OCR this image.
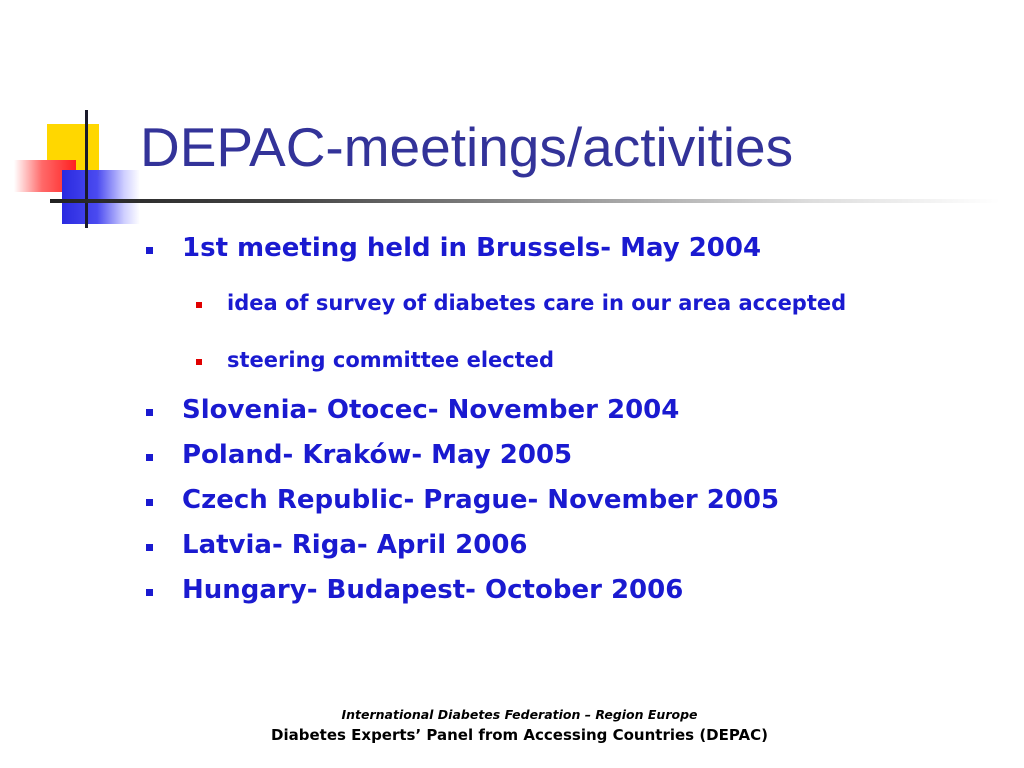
DEPAC-meetings/activities
1st meeting held in Brussels- May 2004
idea of survey of diabetes care in our area accepted
steering committee elected
Slovenia- Otocec- November 2004
Poland- Kraków- May 2005
Czech Republic- Prague- November 2005
Latvia- Riga- April 2006
Hungary- Budapest- October 2006
International Diabetes Federation – Region Europe
Diabetes Experts’ Panel from Accessing Countries (DEPAC)
